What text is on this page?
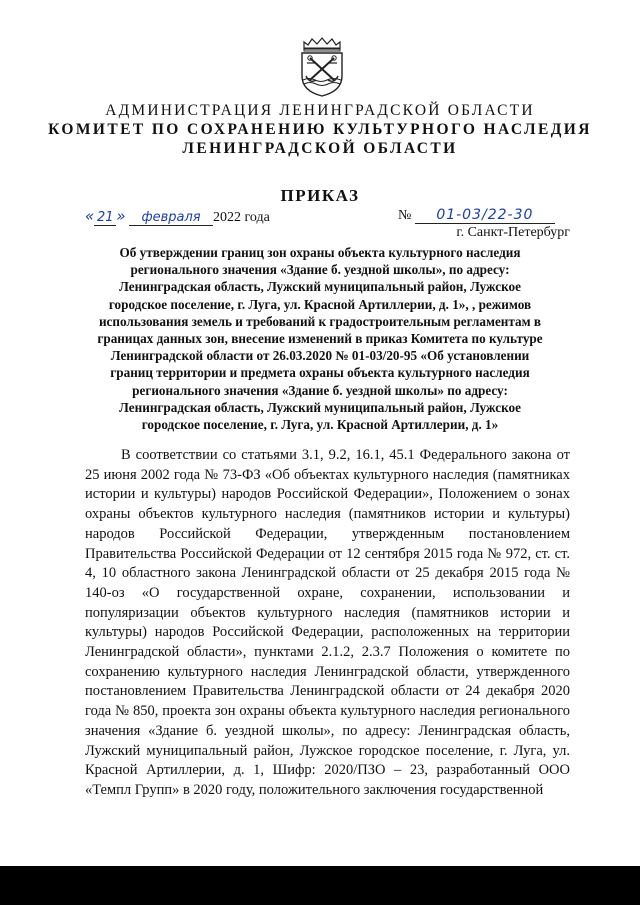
АДМИНИСТРАЦИЯ ЛЕНИНГРАДСКОЙ ОБЛАСТИ
КОМИТЕТ ПО СОХРАНЕНИЮ КУЛЬТУРНОГО НАСЛЕДИЯ
ЛЕНИНГРАДСКОЙ ОБЛАСТИ
ПРИКАЗ
« 21 » февраля 2022 года	№ 01-03/22-30
г. Санкт-Петербург
Об утверждении границ зон охраны объекта культурного наследия регионального значения «Здание б. уездной школы», по адресу: Ленинградская область, Лужский муниципальный район, Лужское городское поселение, г. Луга, ул. Красной Артиллерии, д. 1», , режимов использования земель и требований к градостроительным регламентам в границах данных зон, внесение изменений в приказ Комитета по культуре Ленинградской области от 26.03.2020 № 01-03/20-95 «Об установлении границ территории и предмета охраны объекта культурного наследия регионального значения «Здание б. уездной школы» по адресу: Ленинградская область, Лужский муниципальный район, Лужское городское поселение, г. Луга, ул. Красной Артиллерии, д. 1»

В соответствии со статьями 3.1, 9.2, 16.1, 45.1 Федерального закона от 25 июня 2002 года № 73-ФЗ «Об объектах культурного наследия (памятниках истории и культуры) народов Российской Федерации», Положением о зонах охраны объектов культурного наследия (памятников истории и культуры) народов Российской Федерации, утвержденным постановлением Правительства Российской Федерации от 12 сентября 2015 года № 972, ст. ст. 4, 10 областного закона Ленинградской области от 25 декабря 2015 года № 140-оз «О государственной охране, сохранении, использовании и популяризации объектов культурного наследия (памятников истории и культуры) народов Российской Федерации, расположенных на территории Ленинградской области», пунктами 2.1.2, 2.3.7 Положения о комитете по сохранению культурного наследия Ленинградской области, утвержденного постановлением Правительства Ленинградской области от 24 декабря 2020 года № 850, проекта зон охраны объекта культурного наследия регионального значения «Здание б. уездной школы», по адресу: Ленинградская область, Лужский муниципальный район, Лужское городское поселение, г. Луга, ул. Красной Артиллерии, д. 1, Шифр: 2020/ПЗО – 23, разработанный ООО «Темпл Групп» в 2020 году, положительного заключения государственной
